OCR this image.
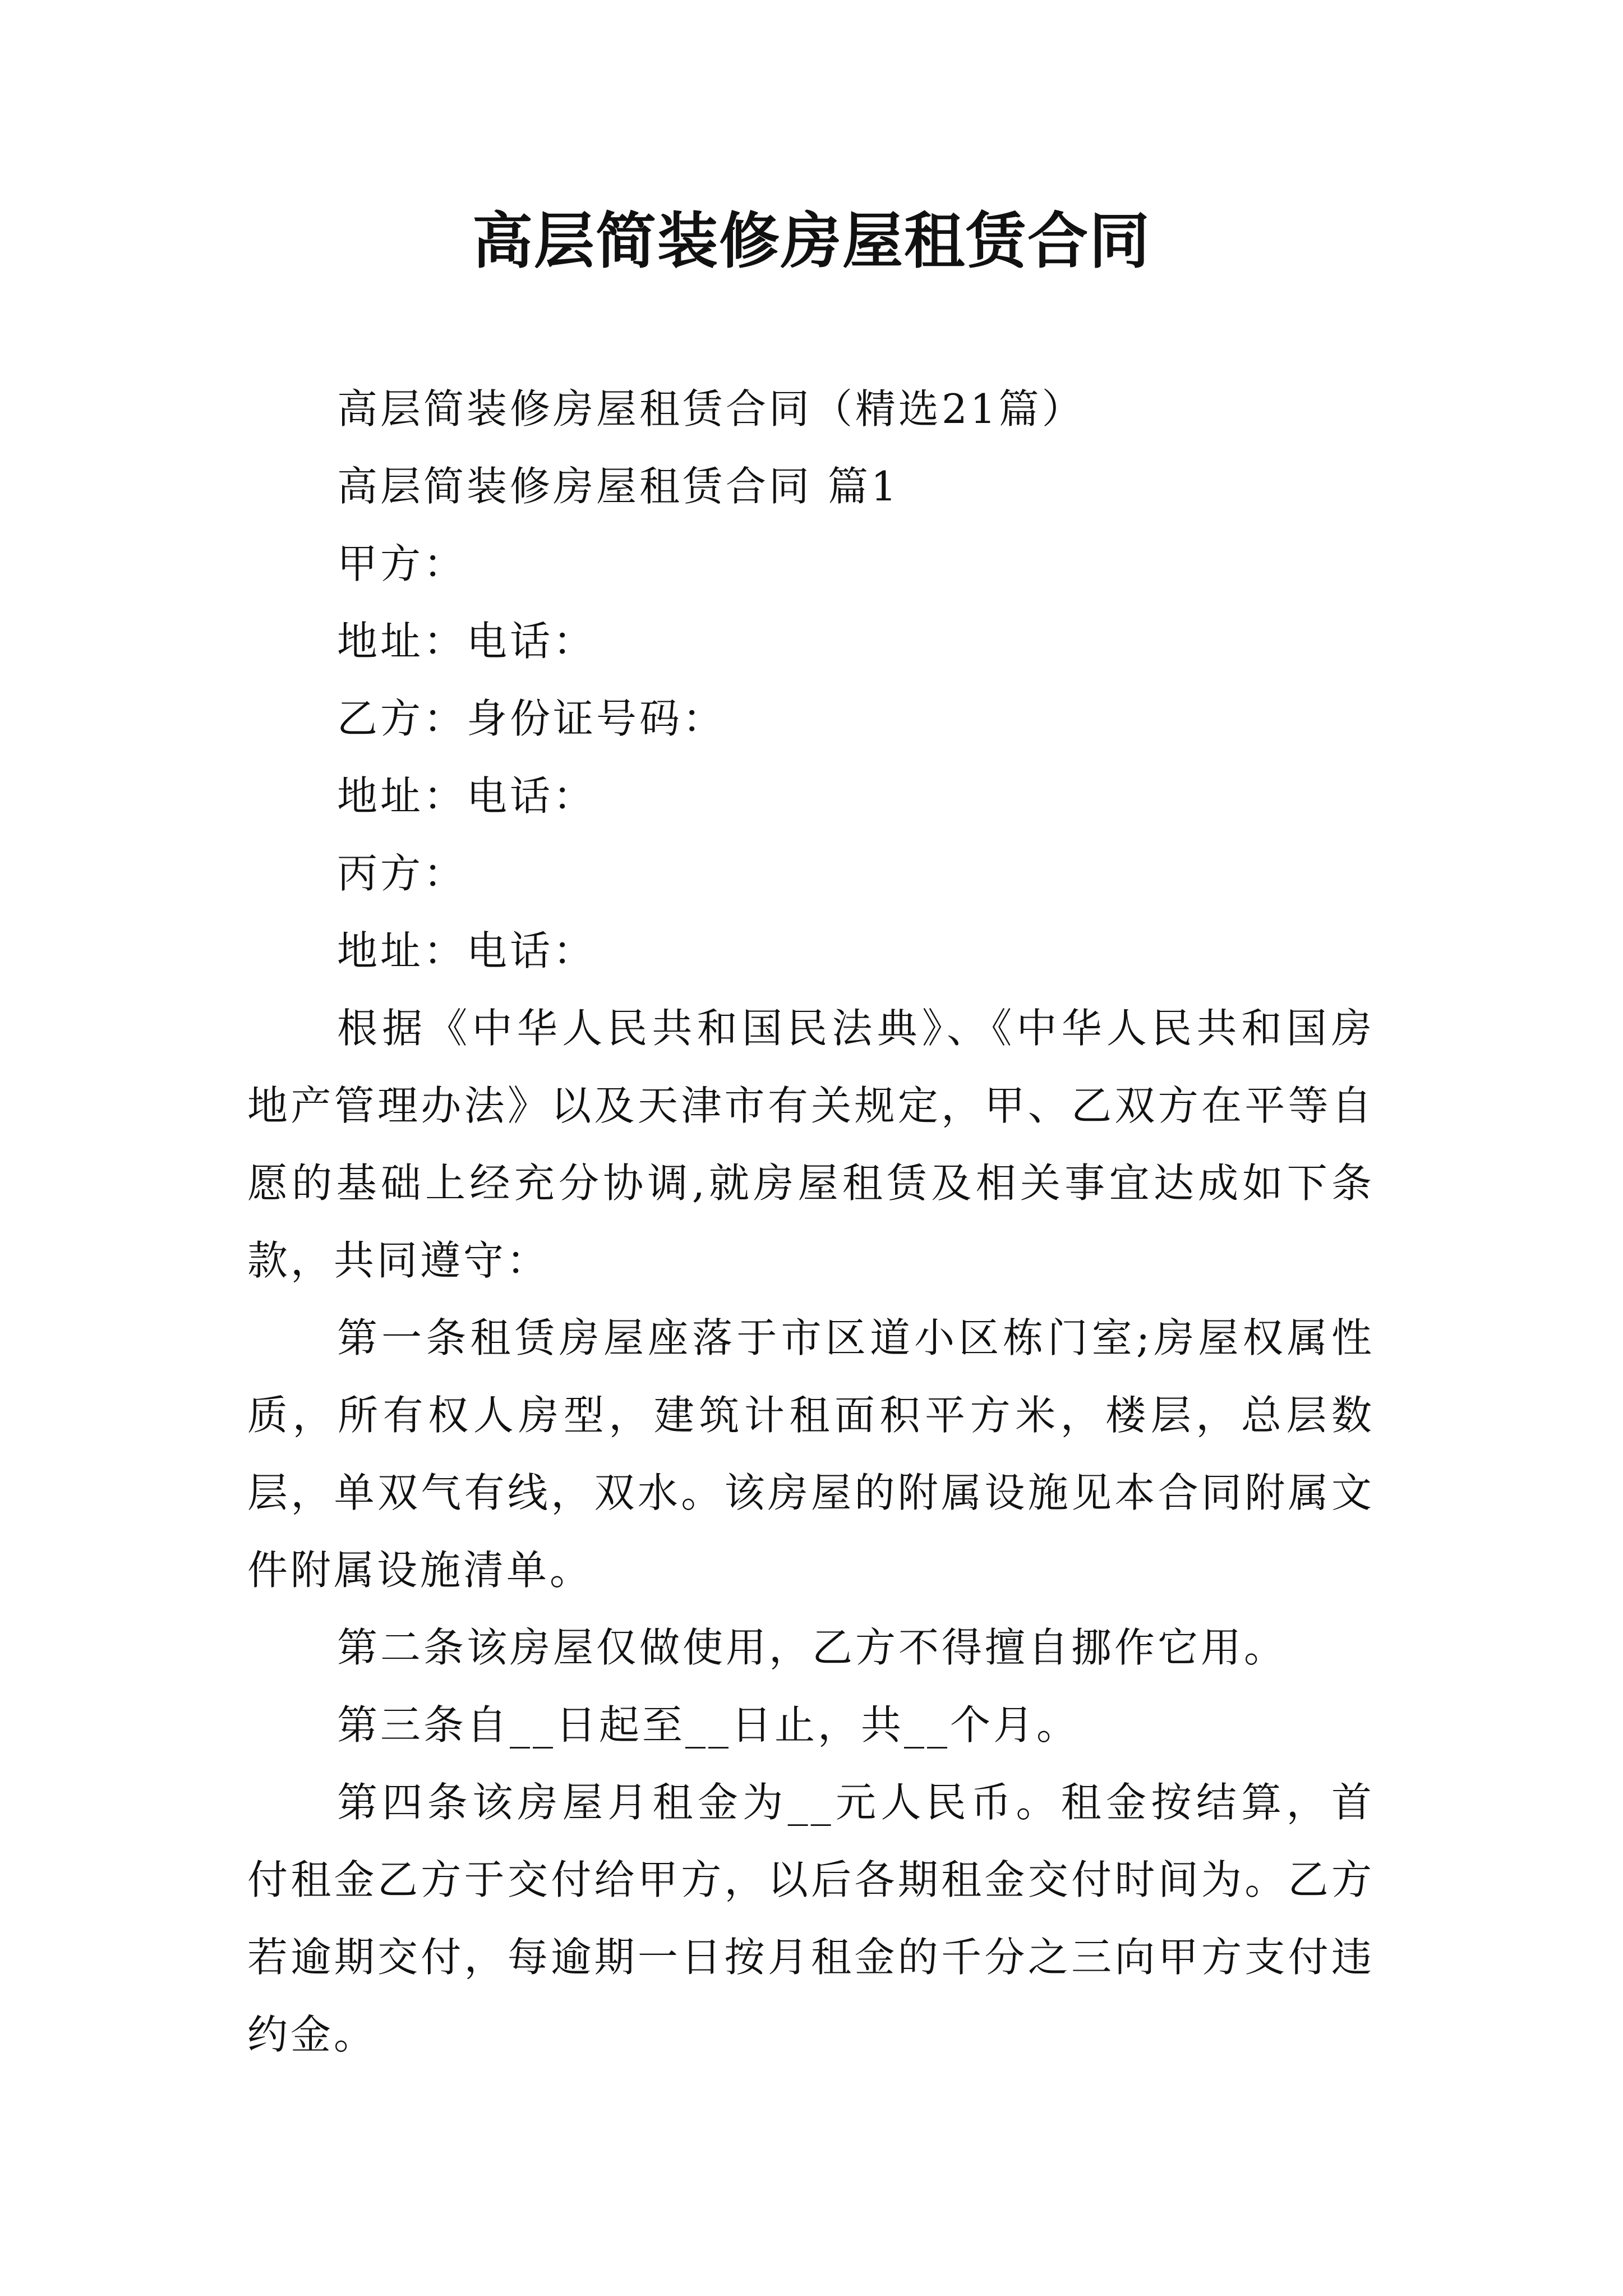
高层简装修房屋租赁合同
高层简装修房屋租赁合同（精选21篇）
高层简装修房屋租赁合同 篇1
甲方：
地址：电话：
乙方：身份证号码：
地址：电话：
丙方：
地址：电话：
根据《中华人民共和国民法典》、《中华人民共和国房地产管理办法》以及天津市有关规定，甲、乙双方在平等自愿的基础上经充分协调,就房屋租赁及相关事宜达成如下条款，共同遵守：
第一条租赁房屋座落于市区道小区栋门室;房屋权属性质，所有权人房型，建筑计租面积平方米，楼层，总层数层，单双气有线，双水。该房屋的附属设施见本合同附属文件附属设施清单。
第二条该房屋仅做使用，乙方不得擅自挪作它用。
第三条自__日起至__日止，共__个月。
第四条该房屋月租金为__元人民币。租金按结算，首付租金乙方于交付给甲方，以后各期租金交付时间为。乙方若逾期交付，每逾期一日按月租金的千分之三向甲方支付违约金。
